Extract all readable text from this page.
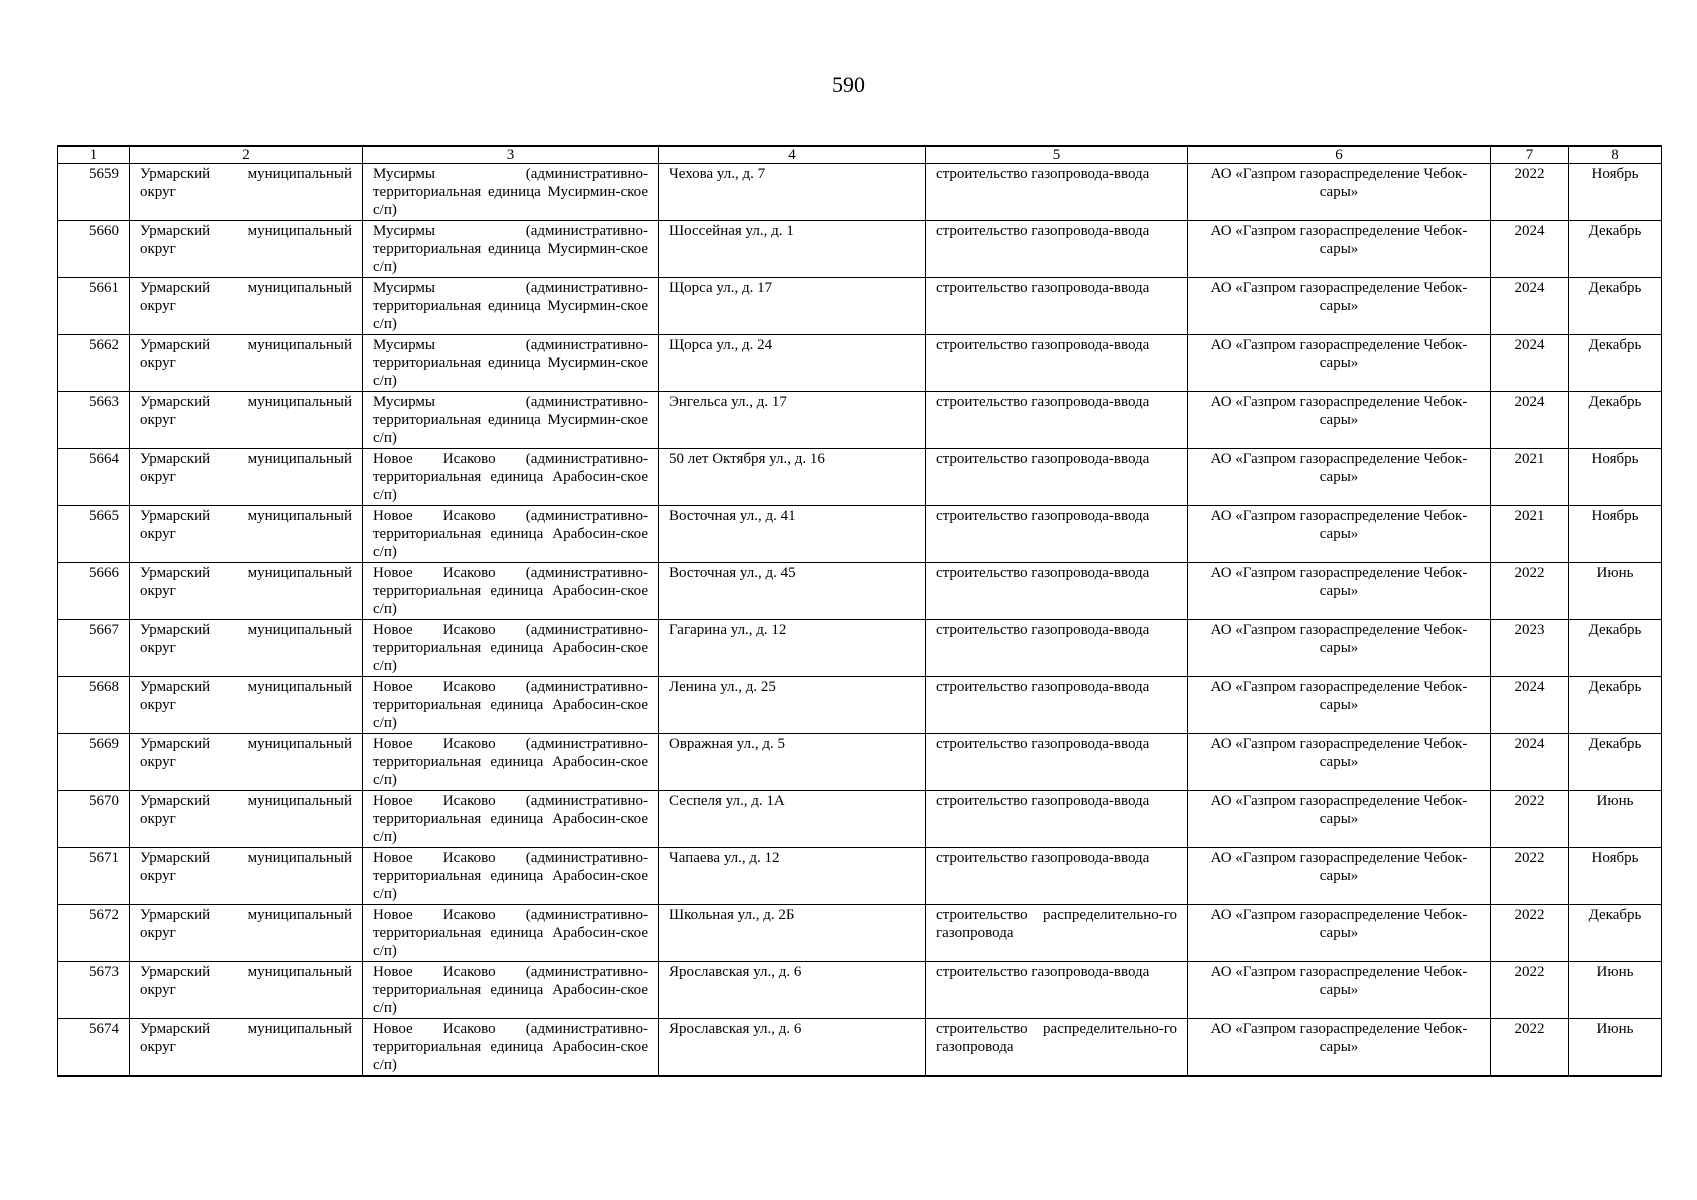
590
1	2	3	4	5	6	7	8
5659	Урмарский муниципальный округ	Мусирмы (административно-территориальная единица Мусирмин-ское с/п)	Чехова ул., д. 7	строительство газопровода-ввода	АО «Газпром газораспределение Чебок-сары»	2022	Ноябрь
5660	Урмарский муниципальный округ	Мусирмы (административно-территориальная единица Мусирмин-ское с/п)	Шоссейная ул., д. 1	строительство газопровода-ввода	АО «Газпром газораспределение Чебок-сары»	2024	Декабрь
5661	Урмарский муниципальный округ	Мусирмы (административно-территориальная единица Мусирмин-ское с/п)	Щорса ул., д. 17	строительство газопровода-ввода	АО «Газпром газораспределение Чебок-сары»	2024	Декабрь
5662	Урмарский муниципальный округ	Мусирмы (административно-территориальная единица Мусирмин-ское с/п)	Щорса ул., д. 24	строительство газопровода-ввода	АО «Газпром газораспределение Чебок-сары»	2024	Декабрь
5663	Урмарский муниципальный округ	Мусирмы (административно-территориальная единица Мусирмин-ское с/п)	Энгельса ул., д. 17	строительство газопровода-ввода	АО «Газпром газораспределение Чебок-сары»	2024	Декабрь
5664	Урмарский муниципальный округ	Новое Исаково (административно-территориальная единица Арабосин-ское с/п)	50 лет Октября ул., д. 16	строительство газопровода-ввода	АО «Газпром газораспределение Чебок-сары»	2021	Ноябрь
5665	Урмарский муниципальный округ	Новое Исаково (административно-территориальная единица Арабосин-ское с/п)	Восточная ул., д. 41	строительство газопровода-ввода	АО «Газпром газораспределение Чебок-сары»	2021	Ноябрь
5666	Урмарский муниципальный округ	Новое Исаково (административно-территориальная единица Арабосин-ское с/п)	Восточная ул., д. 45	строительство газопровода-ввода	АО «Газпром газораспределение Чебок-сары»	2022	Июнь
5667	Урмарский муниципальный округ	Новое Исаково (административно-территориальная единица Арабосин-ское с/п)	Гагарина ул., д. 12	строительство газопровода-ввода	АО «Газпром газораспределение Чебок-сары»	2023	Декабрь
5668	Урмарский муниципальный округ	Новое Исаково (административно-территориальная единица Арабосин-ское с/п)	Ленина ул., д. 25	строительство газопровода-ввода	АО «Газпром газораспределение Чебок-сары»	2024	Декабрь
5669	Урмарский муниципальный округ	Новое Исаково (административно-территориальная единица Арабосин-ское с/п)	Овражная ул., д. 5	строительство газопровода-ввода	АО «Газпром газораспределение Чебок-сары»	2024	Декабрь
5670	Урмарский муниципальный округ	Новое Исаково (административно-территориальная единица Арабосин-ское с/п)	Сеспеля ул., д. 1А	строительство газопровода-ввода	АО «Газпром газораспределение Чебок-сары»	2022	Июнь
5671	Урмарский муниципальный округ	Новое Исаково (административно-территориальная единица Арабосин-ское с/п)	Чапаева ул., д. 12	строительство газопровода-ввода	АО «Газпром газораспределение Чебок-сары»	2022	Ноябрь
5672	Урмарский муниципальный округ	Новое Исаково (административно-территориальная единица Арабосин-ское с/п)	Школьная ул., д. 2Б	строительство распределительно-го газопровода	АО «Газпром газораспределение Чебок-сары»	2022	Декабрь
5673	Урмарский муниципальный округ	Новое Исаково (административно-территориальная единица Арабосин-ское с/п)	Ярославская ул., д. 6	строительство газопровода-ввода	АО «Газпром газораспределение Чебок-сары»	2022	Июнь
5674	Урмарский муниципальный округ	Новое Исаково (административно-территориальная единица Арабосин-ское с/п)	Ярославская ул., д. 6	строительство распределительно-го газопровода	АО «Газпром газораспределение Чебок-сары»	2022	Июнь
